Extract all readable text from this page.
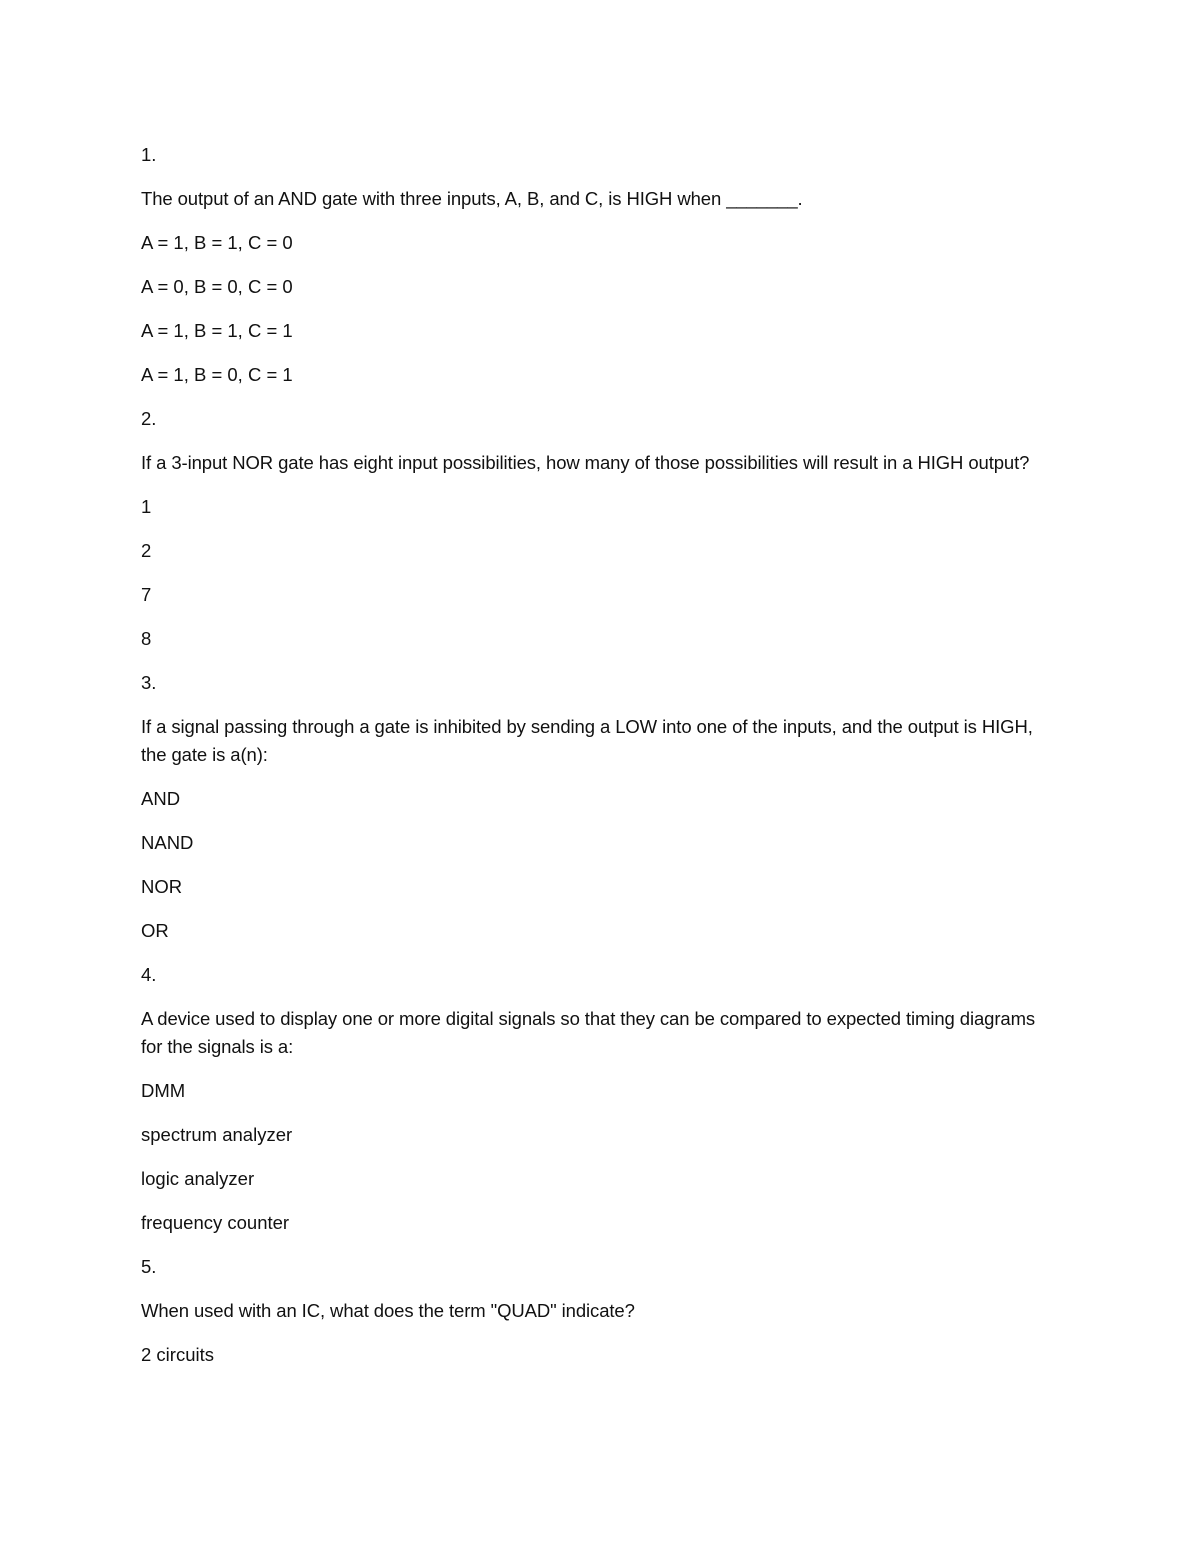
1.

The output of an AND gate with three inputs, A, B, and C, is HIGH when _______.

A = 1, B = 1, C = 0

A = 0, B = 0, C = 0

A = 1, B = 1, C = 1

A = 1, B = 0, C = 1

2.

If a 3-input NOR gate has eight input possibilities, how many of those possibilities will result in a HIGH output?

1

2

7

8

3.

If a signal passing through a gate is inhibited by sending a LOW into one of the inputs, and the output is HIGH, the gate is a(n):

AND

NAND

NOR

OR

4.

A device used to display one or more digital signals so that they can be compared to expected timing diagrams for the signals is a:

DMM

spectrum analyzer

logic analyzer

frequency counter

5.

When used with an IC, what does the term "QUAD" indicate?

2 circuits
